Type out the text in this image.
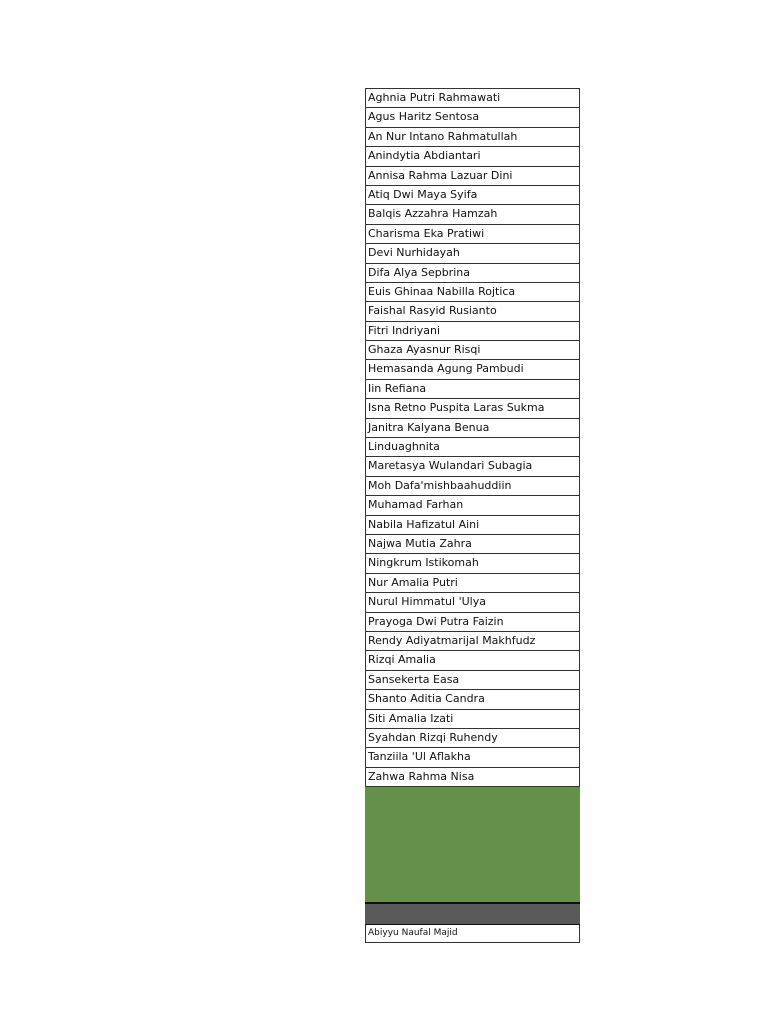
Aghnia Putri Rahmawati
Agus Haritz Sentosa
An Nur Intano Rahmatullah
Anindytia Abdiantari
Annisa Rahma Lazuar Dini
Atiq Dwi Maya Syifa
Balqis Azzahra Hamzah
Charisma Eka Pratiwi
Devi Nurhidayah
Difa Alya Sepbrina
Euis Ghinaa Nabilla Rojtica
Faishal Rasyid Rusianto
Fitri Indriyani
Ghaza Ayasnur Risqi
Hemasanda Agung Pambudi
Iin Refiana
Isna Retno Puspita Laras Sukma
Janitra Kalyana Benua
Linduaghnita
Maretasya Wulandari Subagia
Moh Dafa'mishbaahuddiin
Muhamad Farhan
Nabila Hafizatul Aini
Najwa Mutia Zahra
Ningkrum Istikomah
Nur Amalia Putri
Nurul Himmatul 'Ulya
Prayoga Dwi Putra Faizin
Rendy Adiyatmarijal Makhfudz
Rizqi Amalia
Sansekerta Easa
Shanto Aditia Candra
Siti Amalia Izati
Syahdan Rizqi Ruhendy
Tanziila 'Ul Aflakha
Zahwa Rahma Nisa
Abiyyu Naufal Majid
